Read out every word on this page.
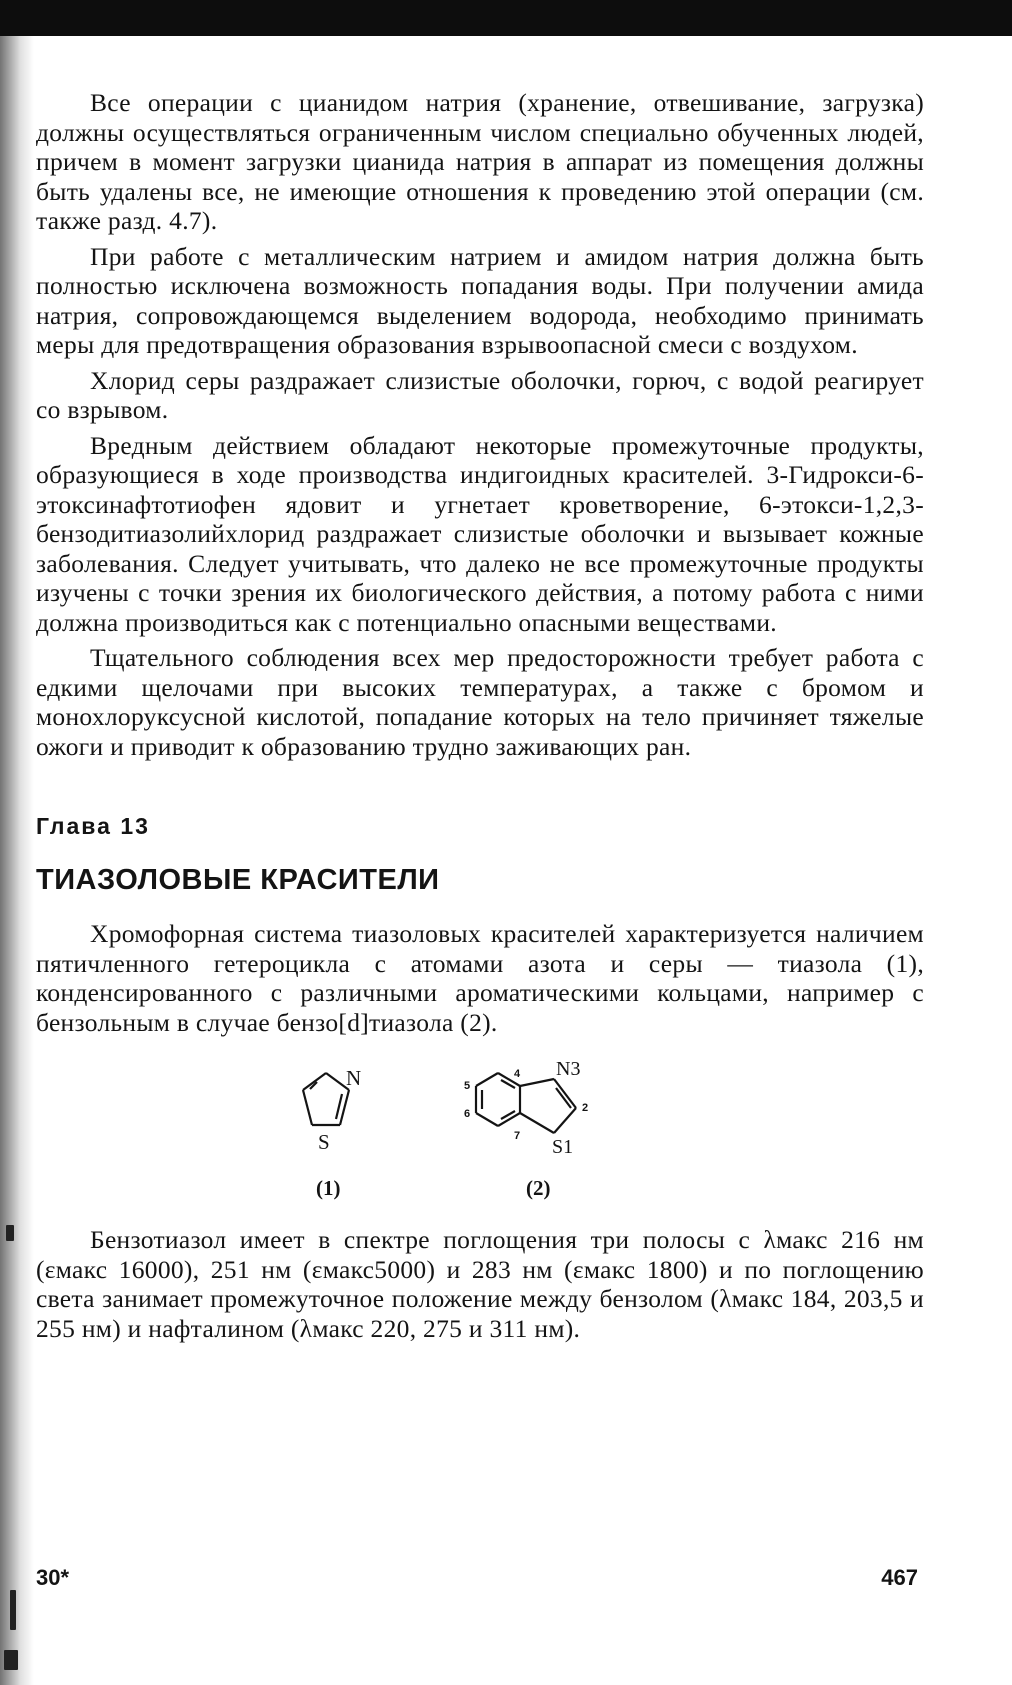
Все операции с цианидом натрия (хранение, отвешивание, загрузка) должны осуществляться ограниченным числом специально обученных людей, причем в момент загрузки цианида натрия в аппарат из помещения должны быть удалены все, не имеющие отношения к проведению этой операции (см. также разд. 4.7).

При работе с металлическим натрием и амидом натрия должна быть полностью исключена возможность попадания воды. При получении амида натрия, сопровождающемся выделением водорода, необходимо принимать меры для предотвращения образования взрывоопасной смеси с воздухом.

Хлорид серы раздражает слизистые оболочки, горюч, с водой реагирует со взрывом.

Вредным действием обладают некоторые промежуточные продукты, образующиеся в ходе производства индигоидных красителей. 3-Гидрокси-6-этоксинафтотиофен ядовит и угнетает кроветворение, 6-этокси-1,2,3-бензодитиазолийхлорид раздражает слизистые оболочки и вызывает кожные заболевания. Следует учитывать, что далеко не все промежуточные продукты изучены с точки зрения их биологического действия, а потому работа с ними должна производиться как с потенциально опасными веществами.

Тщательного соблюдения всех мер предосторожности требует работа с едкими щелочами при высоких температурах, а также с бромом и монохлоруксусной кислотой, попадание которых на тело причиняет тяжелые ожоги и приводит к образованию трудно заживающих ран.

Глава 13
ТИАЗОЛОВЫЕ КРАСИТЕЛИ

Хромофорная система тиазоловых красителей характеризуется наличием пятичленного гетероцикла с атомами азота и серы — тиазола (1), конденсированного с различными ароматическими кольцами, например с бензольным в случае бензо[d]тиазола (2).

N
S
(1)
N3
S1
2
4
5
6
7
(2)

Бензотиазол имеет в спектре поглощения три полосы с λмакс 216 нм (εмакс 16000), 251 нм (εмакс5000) и 283 нм (εмакс 1800) и по поглощению света занимает промежуточное положение между бензолом (λмакс 184, 203,5 и 255 нм) и нафталином (λмакс 220, 275 и 311 нм).

30*	467
